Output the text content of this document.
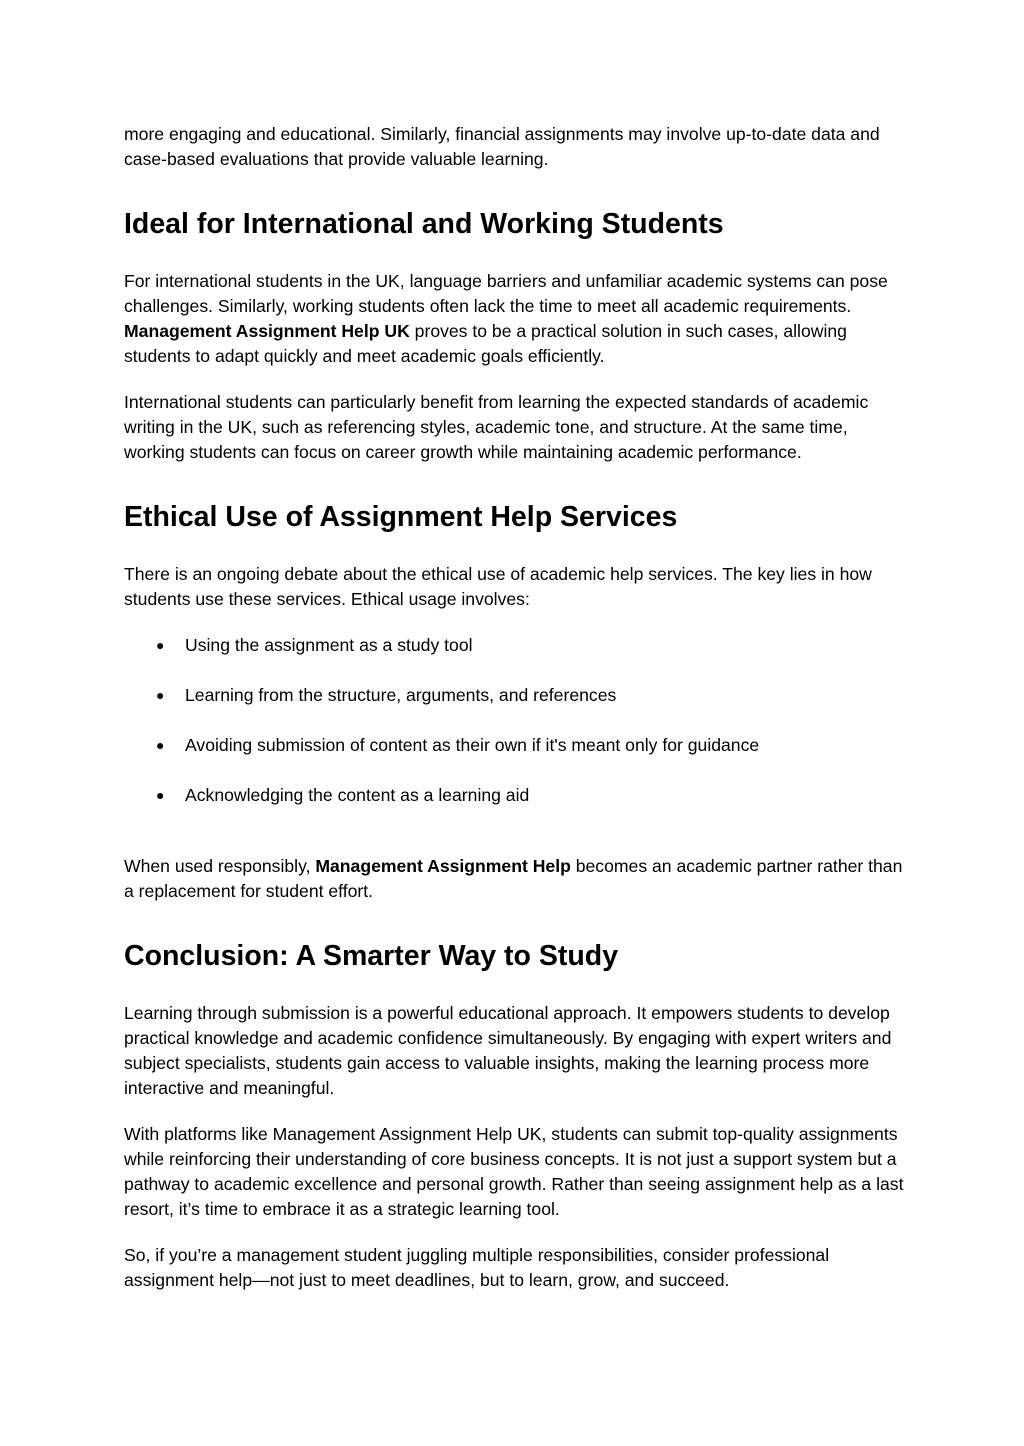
more engaging and educational. Similarly, financial assignments may involve up-to-date data and case-based evaluations that provide valuable learning.

Ideal for International and Working Students

For international students in the UK, language barriers and unfamiliar academic systems can pose challenges. Similarly, working students often lack the time to meet all academic requirements. Management Assignment Help UK proves to be a practical solution in such cases, allowing students to adapt quickly and meet academic goals efficiently.

International students can particularly benefit from learning the expected standards of academic writing in the UK, such as referencing styles, academic tone, and structure. At the same time, working students can focus on career growth while maintaining academic performance.

Ethical Use of Assignment Help Services

There is an ongoing debate about the ethical use of academic help services. The key lies in how students use these services. Ethical usage involves:

● Using the assignment as a study tool
● Learning from the structure, arguments, and references
● Avoiding submission of content as their own if it's meant only for guidance
● Acknowledging the content as a learning aid

When used responsibly, Management Assignment Help becomes an academic partner rather than a replacement for student effort.

Conclusion: A Smarter Way to Study

Learning through submission is a powerful educational approach. It empowers students to develop practical knowledge and academic confidence simultaneously. By engaging with expert writers and subject specialists, students gain access to valuable insights, making the learning process more interactive and meaningful.

With platforms like Management Assignment Help UK, students can submit top-quality assignments while reinforcing their understanding of core business concepts. It is not just a support system but a pathway to academic excellence and personal growth. Rather than seeing assignment help as a last resort, it’s time to embrace it as a strategic learning tool.

So, if you’re a management student juggling multiple responsibilities, consider professional assignment help—not just to meet deadlines, but to learn, grow, and succeed.
